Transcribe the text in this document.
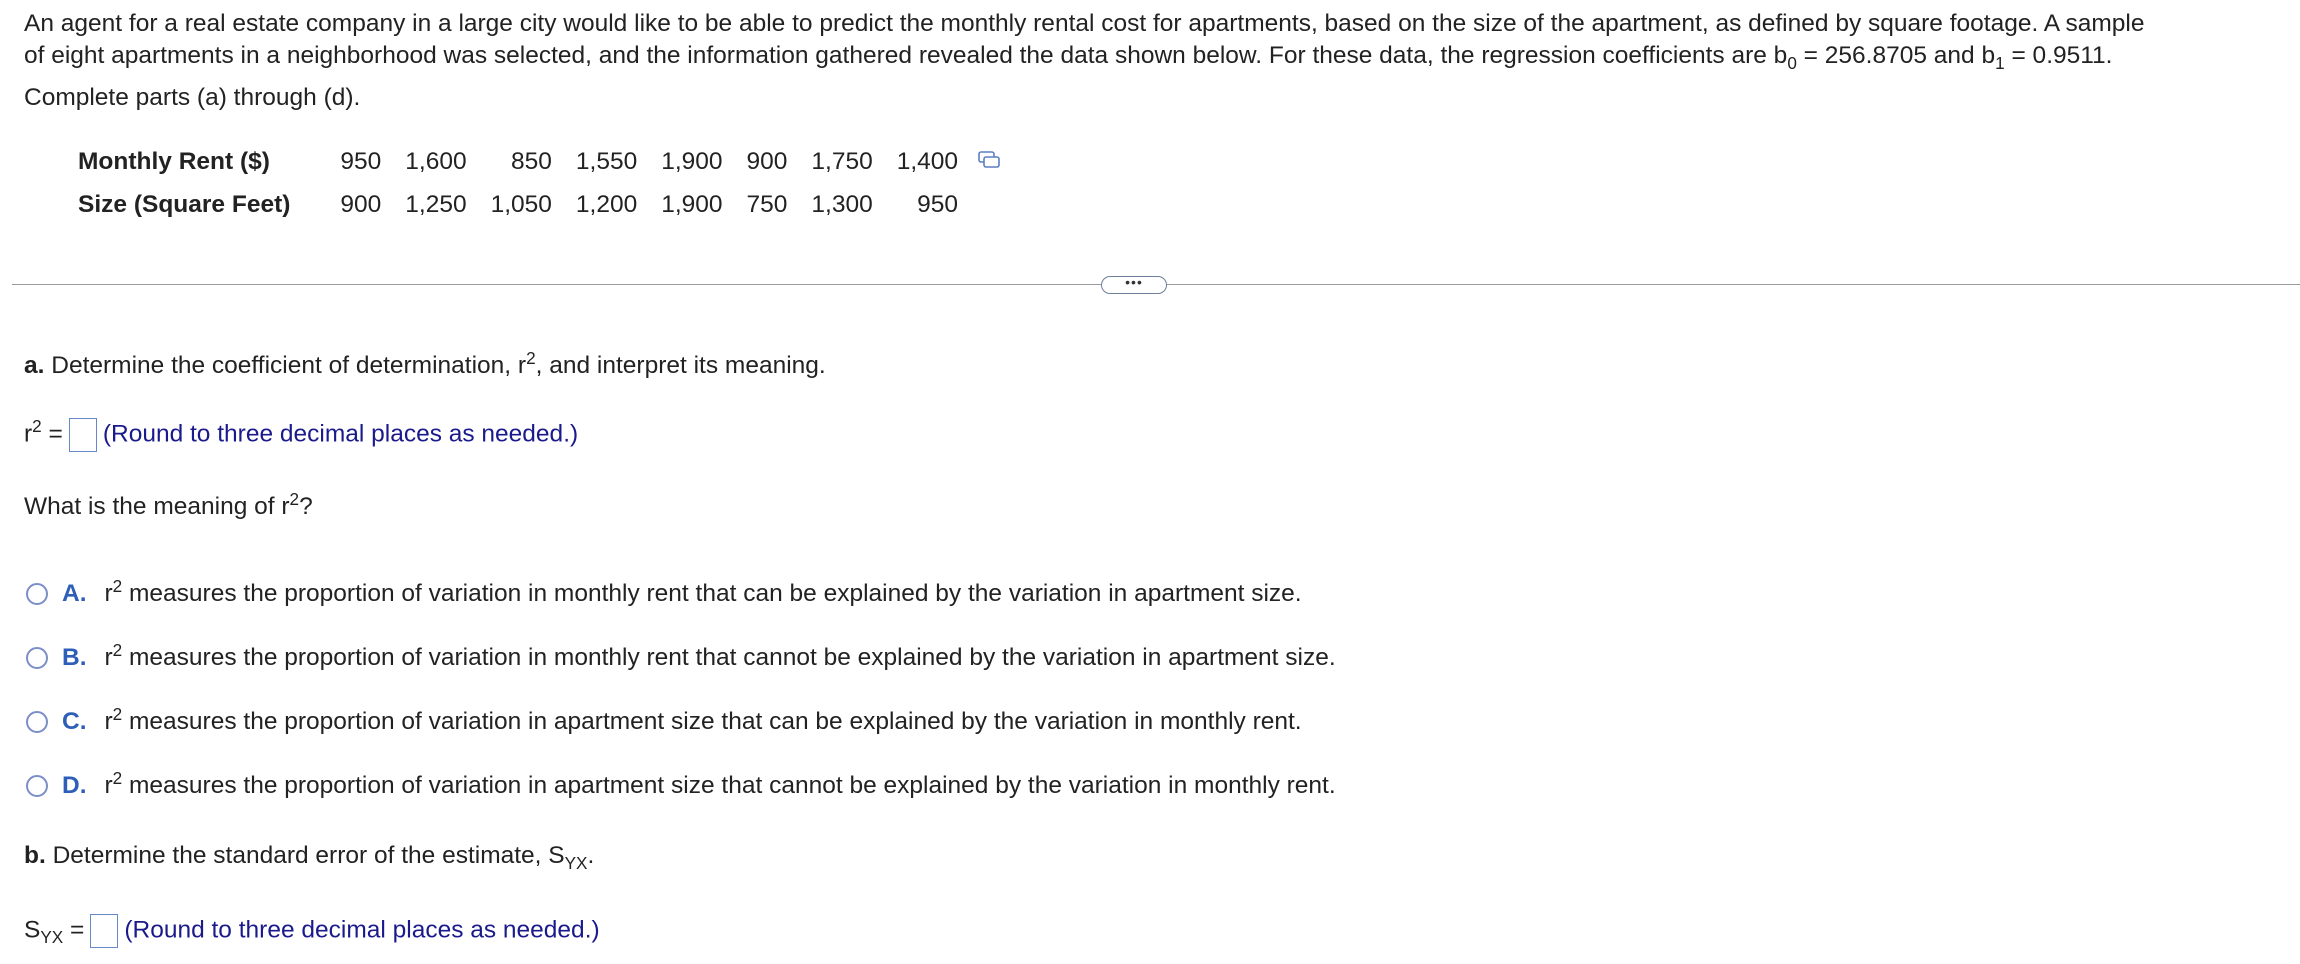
An agent for a real estate company in a large city would like to be able to predict the monthly rental cost for apartments, based on the size of the apartment, as defined by square footage. A sample
of eight apartments in a neighborhood was selected, and the information gathered revealed the data shown below. For these data, the regression coefficients are $b_0 = 256.8705$ and $b_1 = 0.9511$.
Complete parts (a) through (d).
Monthly Rent ($)	950	1,600	850	1,550	1,900	900	1,750	1,400	
Size (Square Feet)	900	1,250	1,050	1,200	1,900	750	1,300	950	
•••
a. Determine the coefficient of determination, $r^2$, and interpret its meaning.
$r^2$ = (Round to three decimal places as needed.)
What is the meaning of $r^2$?
A. $r^2$ measures the proportion of variation in monthly rent that can be explained by the variation in apartment size.
B. $r^2$ measures the proportion of variation in monthly rent that cannot be explained by the variation in apartment size.
C. $r^2$ measures the proportion of variation in apartment size that can be explained by the variation in monthly rent.
D. $r^2$ measures the proportion of variation in apartment size that cannot be explained by the variation in monthly rent.
b. Determine the standard error of the estimate, $S_{YX}$.
$S_{YX}$ = (Round to three decimal places as needed.)
